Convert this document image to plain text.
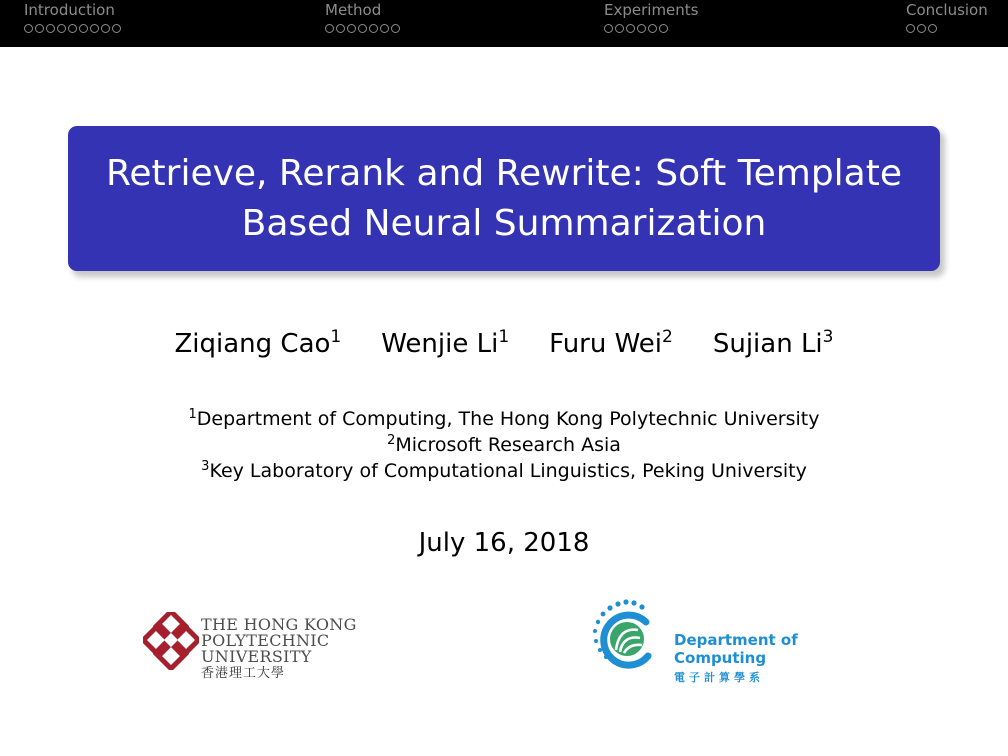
Introduction	Method	Experiments	Conclusion
Retrieve, Rerank and Rewrite: Soft Template
Based Neural Summarization
Ziqiang Cao$^1$ Wenjie Li$^1$ Furu Wei$^2$ Sujian Li$^3$
$^1$Department of Computing, The Hong Kong Polytechnic University
$^2$Microsoft Research Asia
$^3$Key Laboratory of Computational Linguistics, Peking University
July 16, 2018
THE HONG KONG
POLYTECHNIC UNIVERSITY
香港理工大學
Department of Computing
電子計算學系
